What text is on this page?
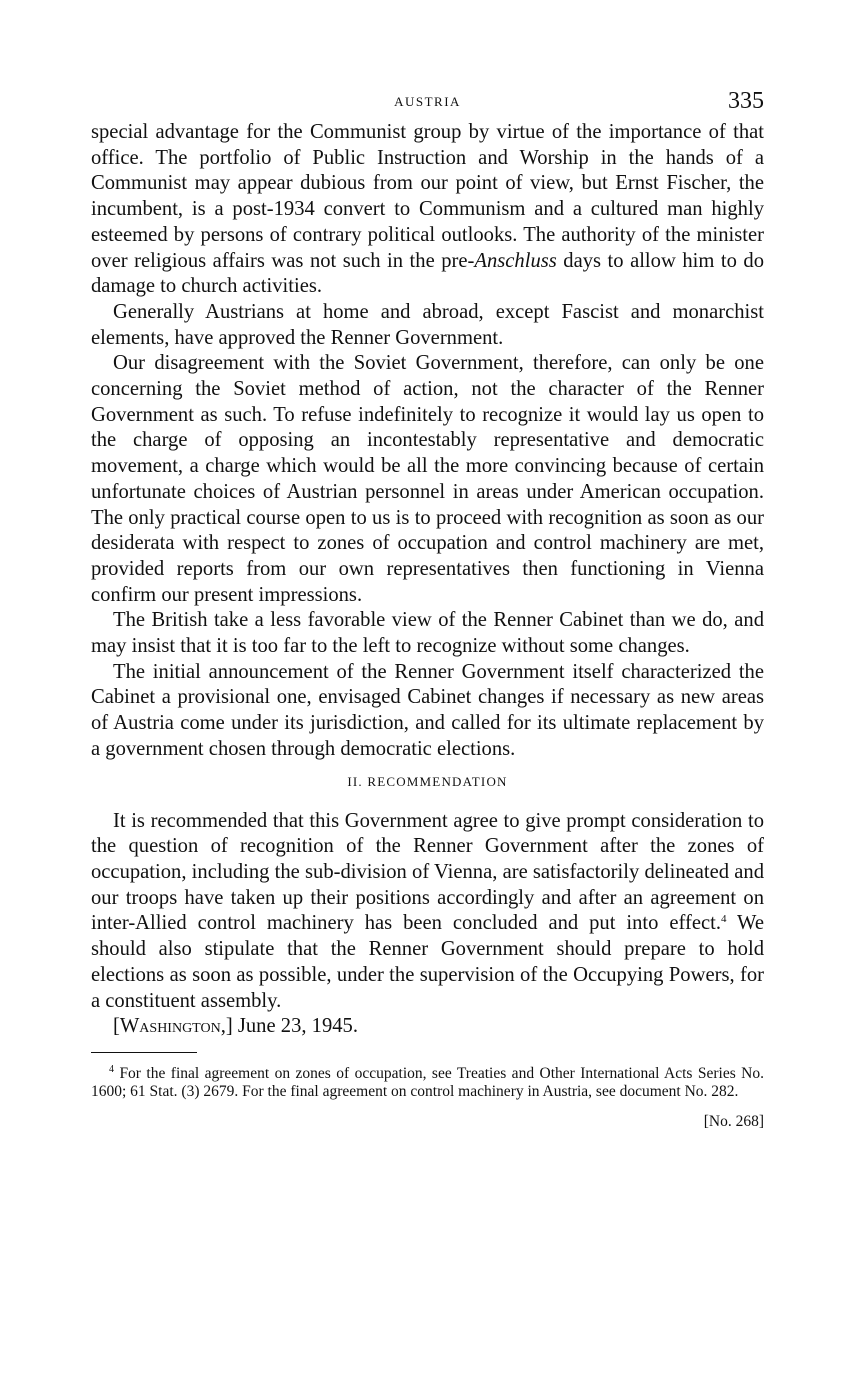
AUSTRIA	335

special advantage for the Communist group by virtue of the importance of that office. The portfolio of Public Instruction and Worship in the hands of a Communist may appear dubious from our point of view, but Ernst Fischer, the incumbent, is a post-1934 convert to Communism and a cultured man highly esteemed by persons of contrary political outlooks. The authority of the minister over religious affairs was not such in the pre-Anschluss days to allow him to do damage to church activities.

Generally Austrians at home and abroad, except Fascist and monarchist elements, have approved the Renner Government.

Our disagreement with the Soviet Government, therefore, can only be one concerning the Soviet method of action, not the character of the Renner Government as such. To refuse indefinitely to recognize it would lay us open to the charge of opposing an incontestably representative and democratic movement, a charge which would be all the more convincing because of certain unfortunate choices of Austrian personnel in areas under American occupation. The only practical course open to us is to proceed with recognition as soon as our desiderata with respect to zones of occupation and control machinery are met, provided reports from our own representatives then functioning in Vienna confirm our present impressions.

The British take a less favorable view of the Renner Cabinet than we do, and may insist that it is too far to the left to recognize without some changes.

The initial announcement of the Renner Government itself characterized the Cabinet a provisional one, envisaged Cabinet changes if necessary as new areas of Austria come under its jurisdiction, and called for its ultimate replacement by a government chosen through democratic elections.

II. RECOMMENDATION

It is recommended that this Government agree to give prompt consideration to the question of recognition of the Renner Government after the zones of occupation, including the sub-division of Vienna, are satisfactorily delineated and our troops have taken up their positions accordingly and after an agreement on inter-Allied control machinery has been concluded and put into effect.$^4$ We should also stipulate that the Renner Government should prepare to hold elections as soon as possible, under the supervision of the Occupying Powers, for a constituent assembly.

[Washington,] June 23, 1945.

$^4$ For the final agreement on zones of occupation, see Treaties and Other International Acts Series No. 1600; 61 Stat. (3) 2679. For the final agreement on control machinery in Austria, see document No. 282.

[No. 268]
